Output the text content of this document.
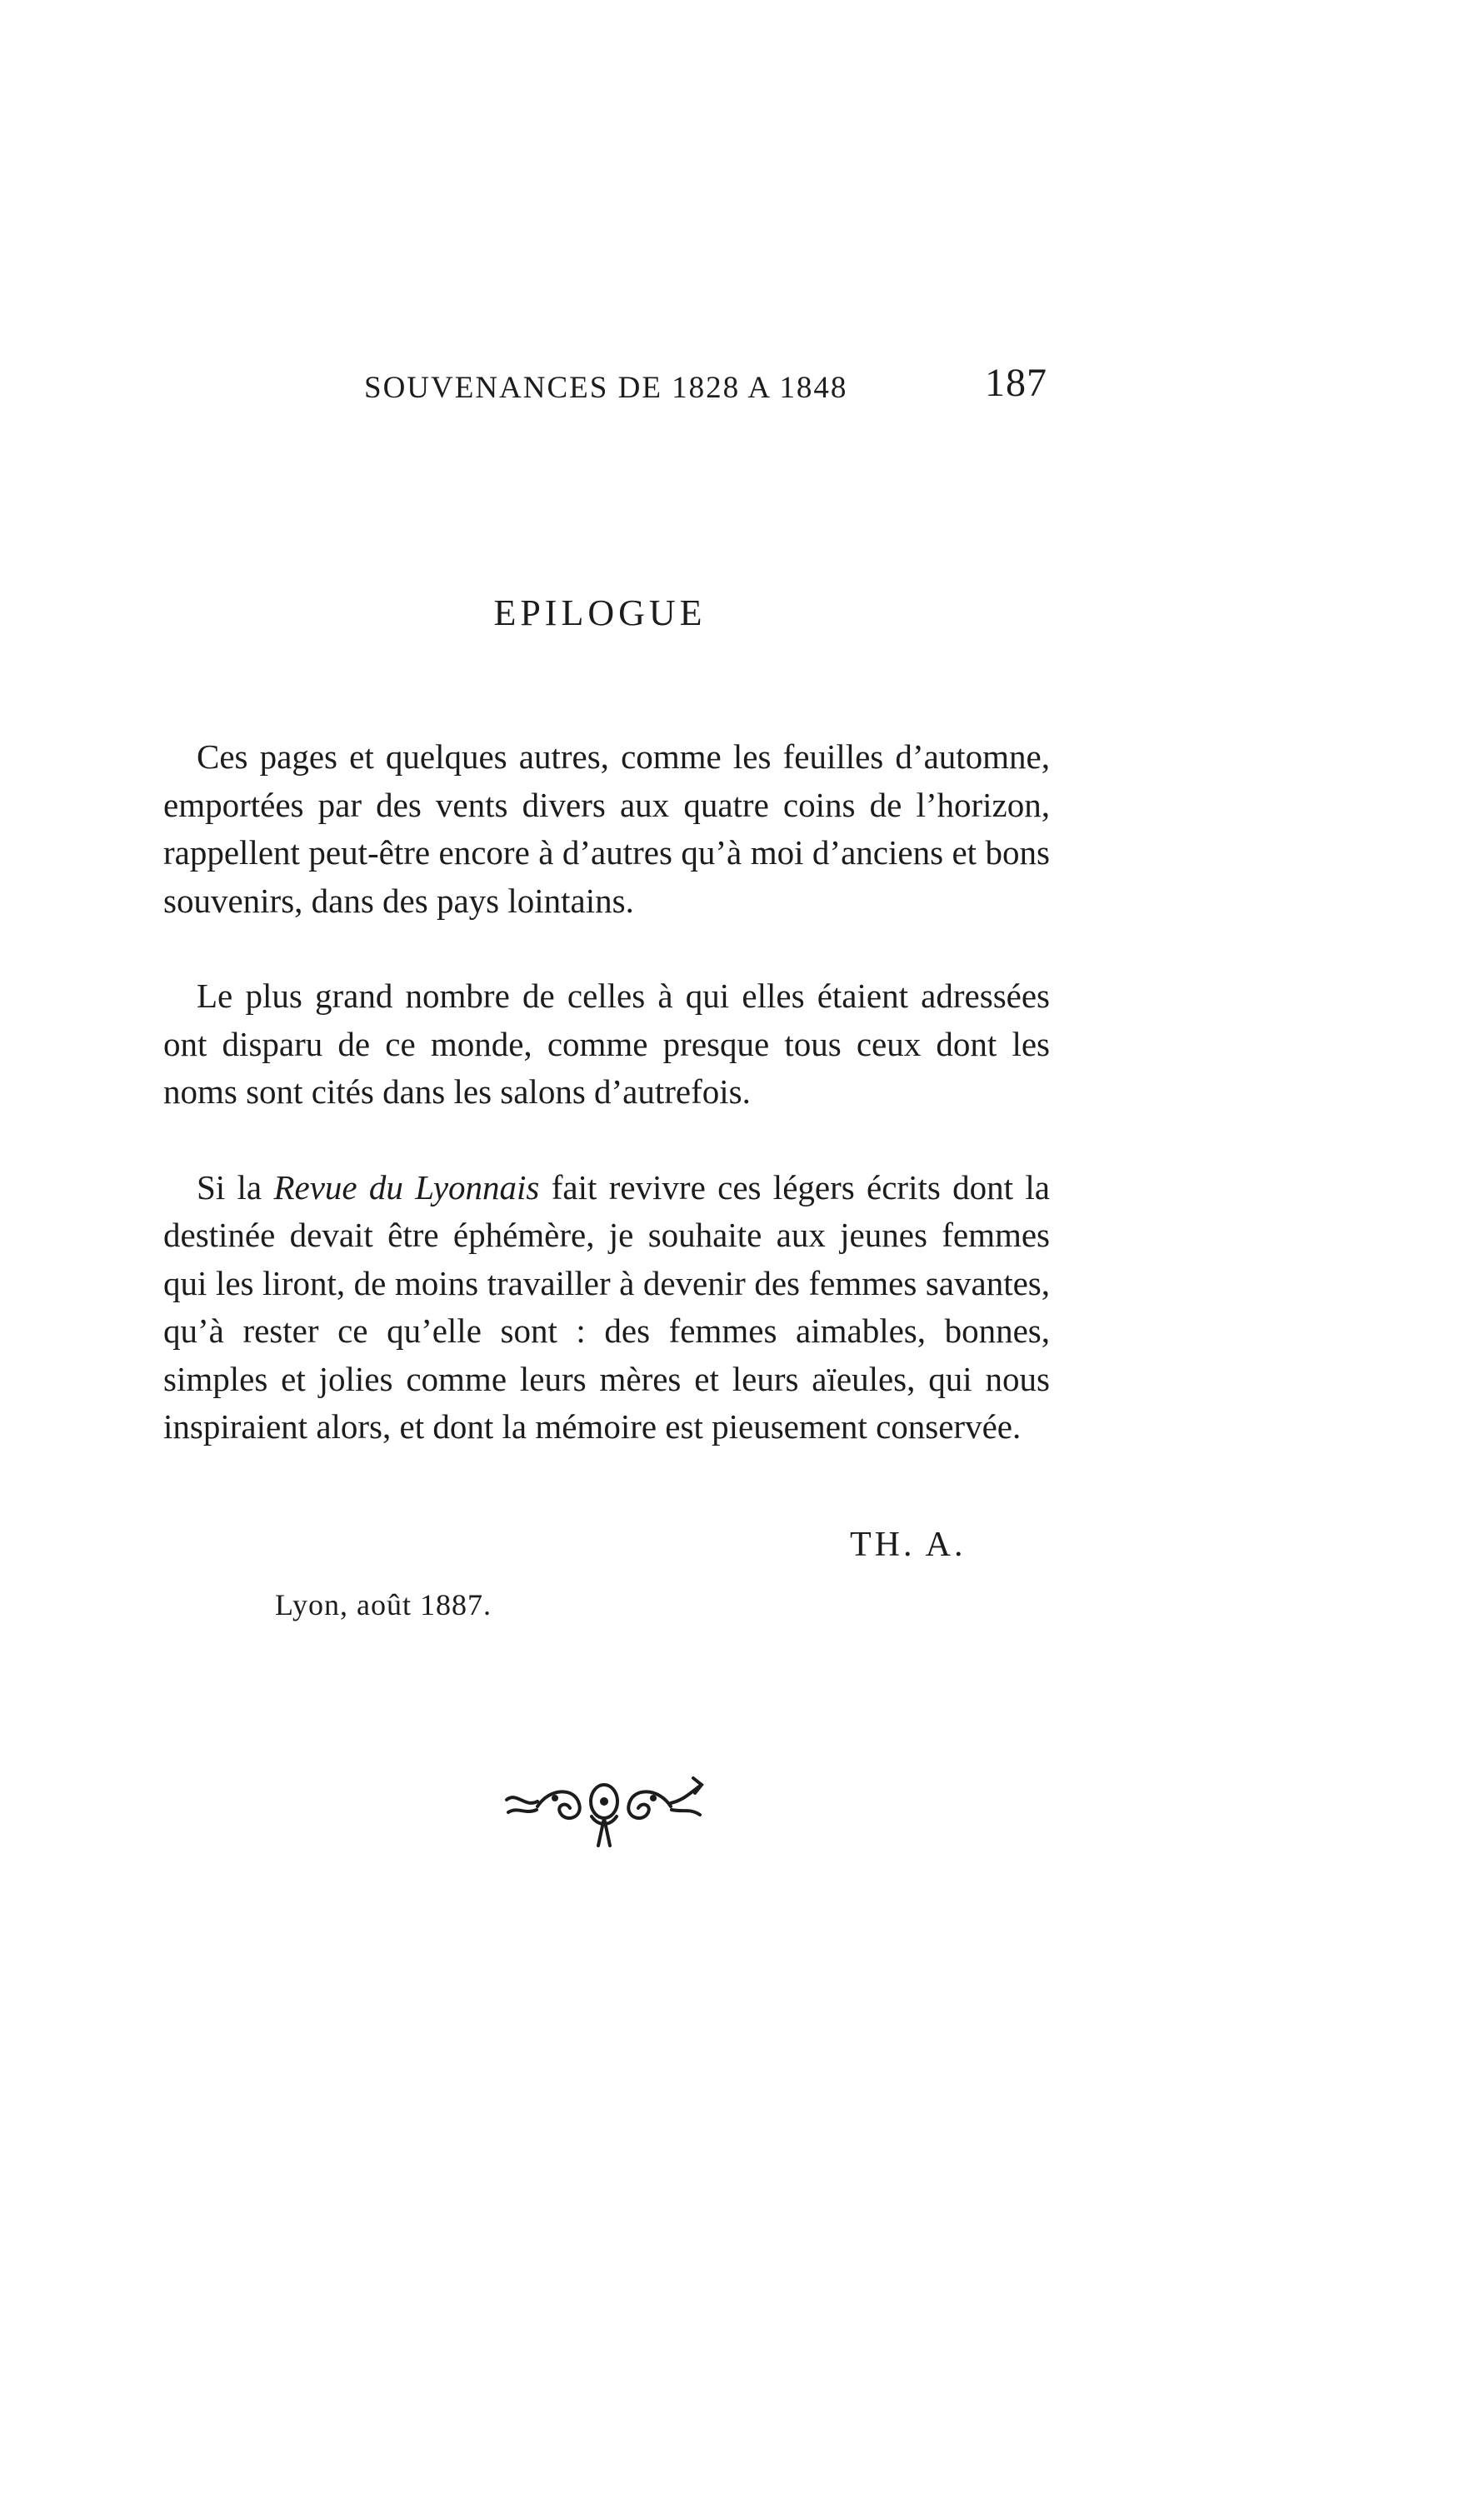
SOUVENANCES DE 1828 A 1848	187
EPILOGUE

Ces pages et quelques autres, comme les feuilles d’automne, emportées par des vents divers aux quatre coins de l’horizon, rappellent peut-être encore à d’autres qu’à moi d’anciens et bons souvenirs, dans des pays lointains.

Le plus grand nombre de celles à qui elles étaient adressées ont disparu de ce monde, comme presque tous ceux dont les noms sont cités dans les salons d’autrefois.

Si la Revue du Lyonnais fait revivre ces légers écrits dont la destinée devait être éphémère, je souhaite aux jeunes femmes qui les liront, de moins travailler à devenir des femmes savantes, qu’à rester ce qu’elle sont : des femmes aimables, bonnes, simples et jolies comme leurs mères et leurs aïeules, qui nous inspiraient alors, et dont la mémoire est pieusement conservée.

TH. A.
Lyon, août 1887.
